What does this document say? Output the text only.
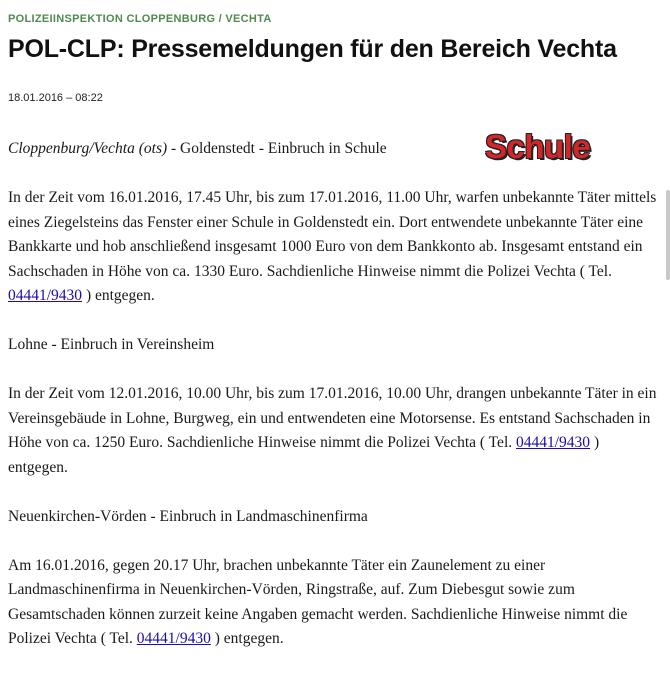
POLIZEIINSPEKTION CLOPPENBURG / VECHTA
POL-CLP: Pressemeldungen für den Bereich Vechta
18.01.2016 – 08:22
Schule

Cloppenburg/Vechta (ots) - Goldenstedt - Einbruch in Schule

In der Zeit vom 16.01.2016, 17.45 Uhr, bis zum 17.01.2016, 11.00 Uhr, warfen unbekannte Täter mittels eines Ziegelsteins das Fenster einer Schule in Goldenstedt ein. Dort entwendete unbekannte Täter eine Bankkarte und hob anschließend insgesamt 1000 Euro von dem Bankkonto ab. Insgesamt entstand ein Sachschaden in Höhe von ca. 1330 Euro. Sachdienliche Hinweise nimmt die Polizei Vechta ( Tel. 04441/9430 ) entgegen.

Lohne - Einbruch in Vereinsheim

In der Zeit vom 12.01.2016, 10.00 Uhr, bis zum 17.01.2016, 10.00 Uhr, drangen unbekannte Täter in ein Vereinsgebäude in Lohne, Burgweg, ein und entwendeten eine Motorsense. Es entstand Sachschaden in Höhe von ca. 1250 Euro. Sachdienliche Hinweise nimmt die Polizei Vechta ( Tel. 04441/9430 ) entgegen.

Neuenkirchen-Vörden - Einbruch in Landmaschinenfirma

Am 16.01.2016, gegen 20.17 Uhr, brachen unbekannte Täter ein Zaunelement zu einer Landmaschinenfirma in Neuenkirchen-Vörden, Ringstraße, auf. Zum Diebesgut sowie zum Gesamtschaden können zurzeit keine Angaben gemacht werden. Sachdienliche Hinweise nimmt die Polizei Vechta ( Tel. 04441/9430 ) entgegen.
